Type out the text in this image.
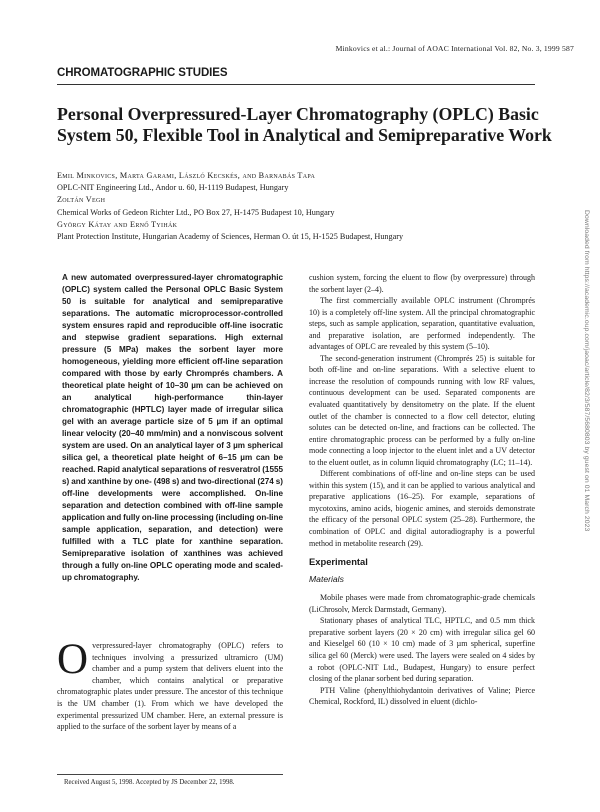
Minkovics et al.: Journal of AOAC International Vol. 82, No. 3, 1999 587
CHROMATOGRAPHIC STUDIES
Personal Overpressured-Layer Chromatography (OPLC) Basic System 50, Flexible Tool in Analytical and Semipreparative Work
Emil Minkovics, Marta Garami, László Kecskés, and Barnabás Tapa
OPLC-NIT Engineering Ltd., Andor u. 60, H-1119 Budapest, Hungary
Zoltán Vegh
Chemical Works of Gedeon Richter Ltd., PO Box 27, H-1475 Budapest 10, Hungary
György Kátay and Ernő Tyihák
Plant Protection Institute, Hungarian Academy of Sciences, Herman O. út 15, H-1525 Budapest, Hungary	Downloaded from https://academic.oup.com/jaoac/article/82/3/587/5680803 by guest on 01 March 2023

A new automated overpressured-layer chromatographic (OPLC) system called the Personal OPLC Basic System 50 is suitable for analytical and semipreparative separations. The automatic microprocessor-controlled system ensures rapid and reproducible off-line isocratic and stepwise gradient separations. High external pressure (5 MPa) makes the sorbent layer more homogeneous, yielding more efficient off-line separation compared with those by early Chromprés chambers. A theoretical plate height of 10–30 µm can be achieved on an analytical high-performance thin-layer chromatographic (HPTLC) layer made of irregular silica gel with an average particle size of 5 µm if an optimal linear velocity (20–40 mm/min) and a nonviscous solvent system are used. On an analytical layer of 3 µm spherical silica gel, a theoretical plate height of 6–15 µm can be reached. Rapid analytical separations of resveratrol (1555 s) and xanthine by one- (498 s) and two-directional (274 s) off-line developments were accomplished. On-line separation and detection combined with off-line sample application and fully on-line processing (including on-line sample application, separation, and detection) were fulfilled with a TLC plate for xanthine separation. Semipreparative isolation of xanthines was achieved through a fully on-line OPLC operating mode and scaled-up chromatography.

Overpressured-layer chromatography (OPLC) refers to techniques involving a pressurized ultramicro (UM) chamber and a pump system that delivers eluent into the chamber, which contains analytical or preparative chromatographic plates under pressure. The ancestor of this technique is the UM chamber (1). From which we have developed the experimental pressurized UM chamber. Here, an external pressure is applied to the surface of the sorbent layer by means of a

Received August 5, 1998. Accepted by JS December 22, 1998.

cushion system, forcing the eluent to flow (by overpressure) through the sorbent layer (2–4).

The first commercially available OPLC instrument (Chromprés 10) is a completely off-line system. All the principal chromatographic steps, such as sample application, separation, quantitative evaluation, and preparative isolation, are performed independently. The advantages of OPLC are revealed by this system (5–10).

The second-generation instrument (Chromprés 25) is suitable for both off-line and on-line separations. With a selective eluent to increase the resolution of compounds running with low RF values, continuous development can be used. Separated components are evaluated quantitatively by densitometry on the plate. If the eluent outlet of the chamber is connected to a flow cell detector, eluting solutes can be detected on-line, and fractions can be collected. The entire chromatographic process can be performed by a fully on-line mode connecting a loop injector to the eluent inlet and a UV detector to the eluent outlet, as in column liquid chromatography (LC; 11–14).

Different combinations of off-line and on-line steps can be used within this system (15), and it can be applied to various analytical and preparative applications (16–25). For example, separations of mycotoxins, amino acids, biogenic amines, and steroids demonstrate the efficacy of the personal OPLC system (25–28). Furthermore, the combination of OPLC and digital autoradiography is a powerful method in metabolite research (29).

Experimental

Materials

Mobile phases were made from chromatographic-grade chemicals (LiChrosolv, Merck Darmstadt, Germany).

Stationary phases of analytical TLC, HPTLC, and 0.5 mm thick preparative sorbent layers (20 × 20 cm) with irregular silica gel 60 and Kieselgel 60 (10 × 10 cm) made of 3 µm spherical, superfine silica gel 60 (Merck) were used. The layers were sealed on 4 sides by a robot (OPLC-NIT Ltd., Budapest, Hungary) to ensure perfect closing of the planar sorbent bed during separation.

PTH Valine (phenylthiohydantoin derivatives of Valine; Pierce Chemical, Rockford, IL) dissolved in eluent (dichlo-
